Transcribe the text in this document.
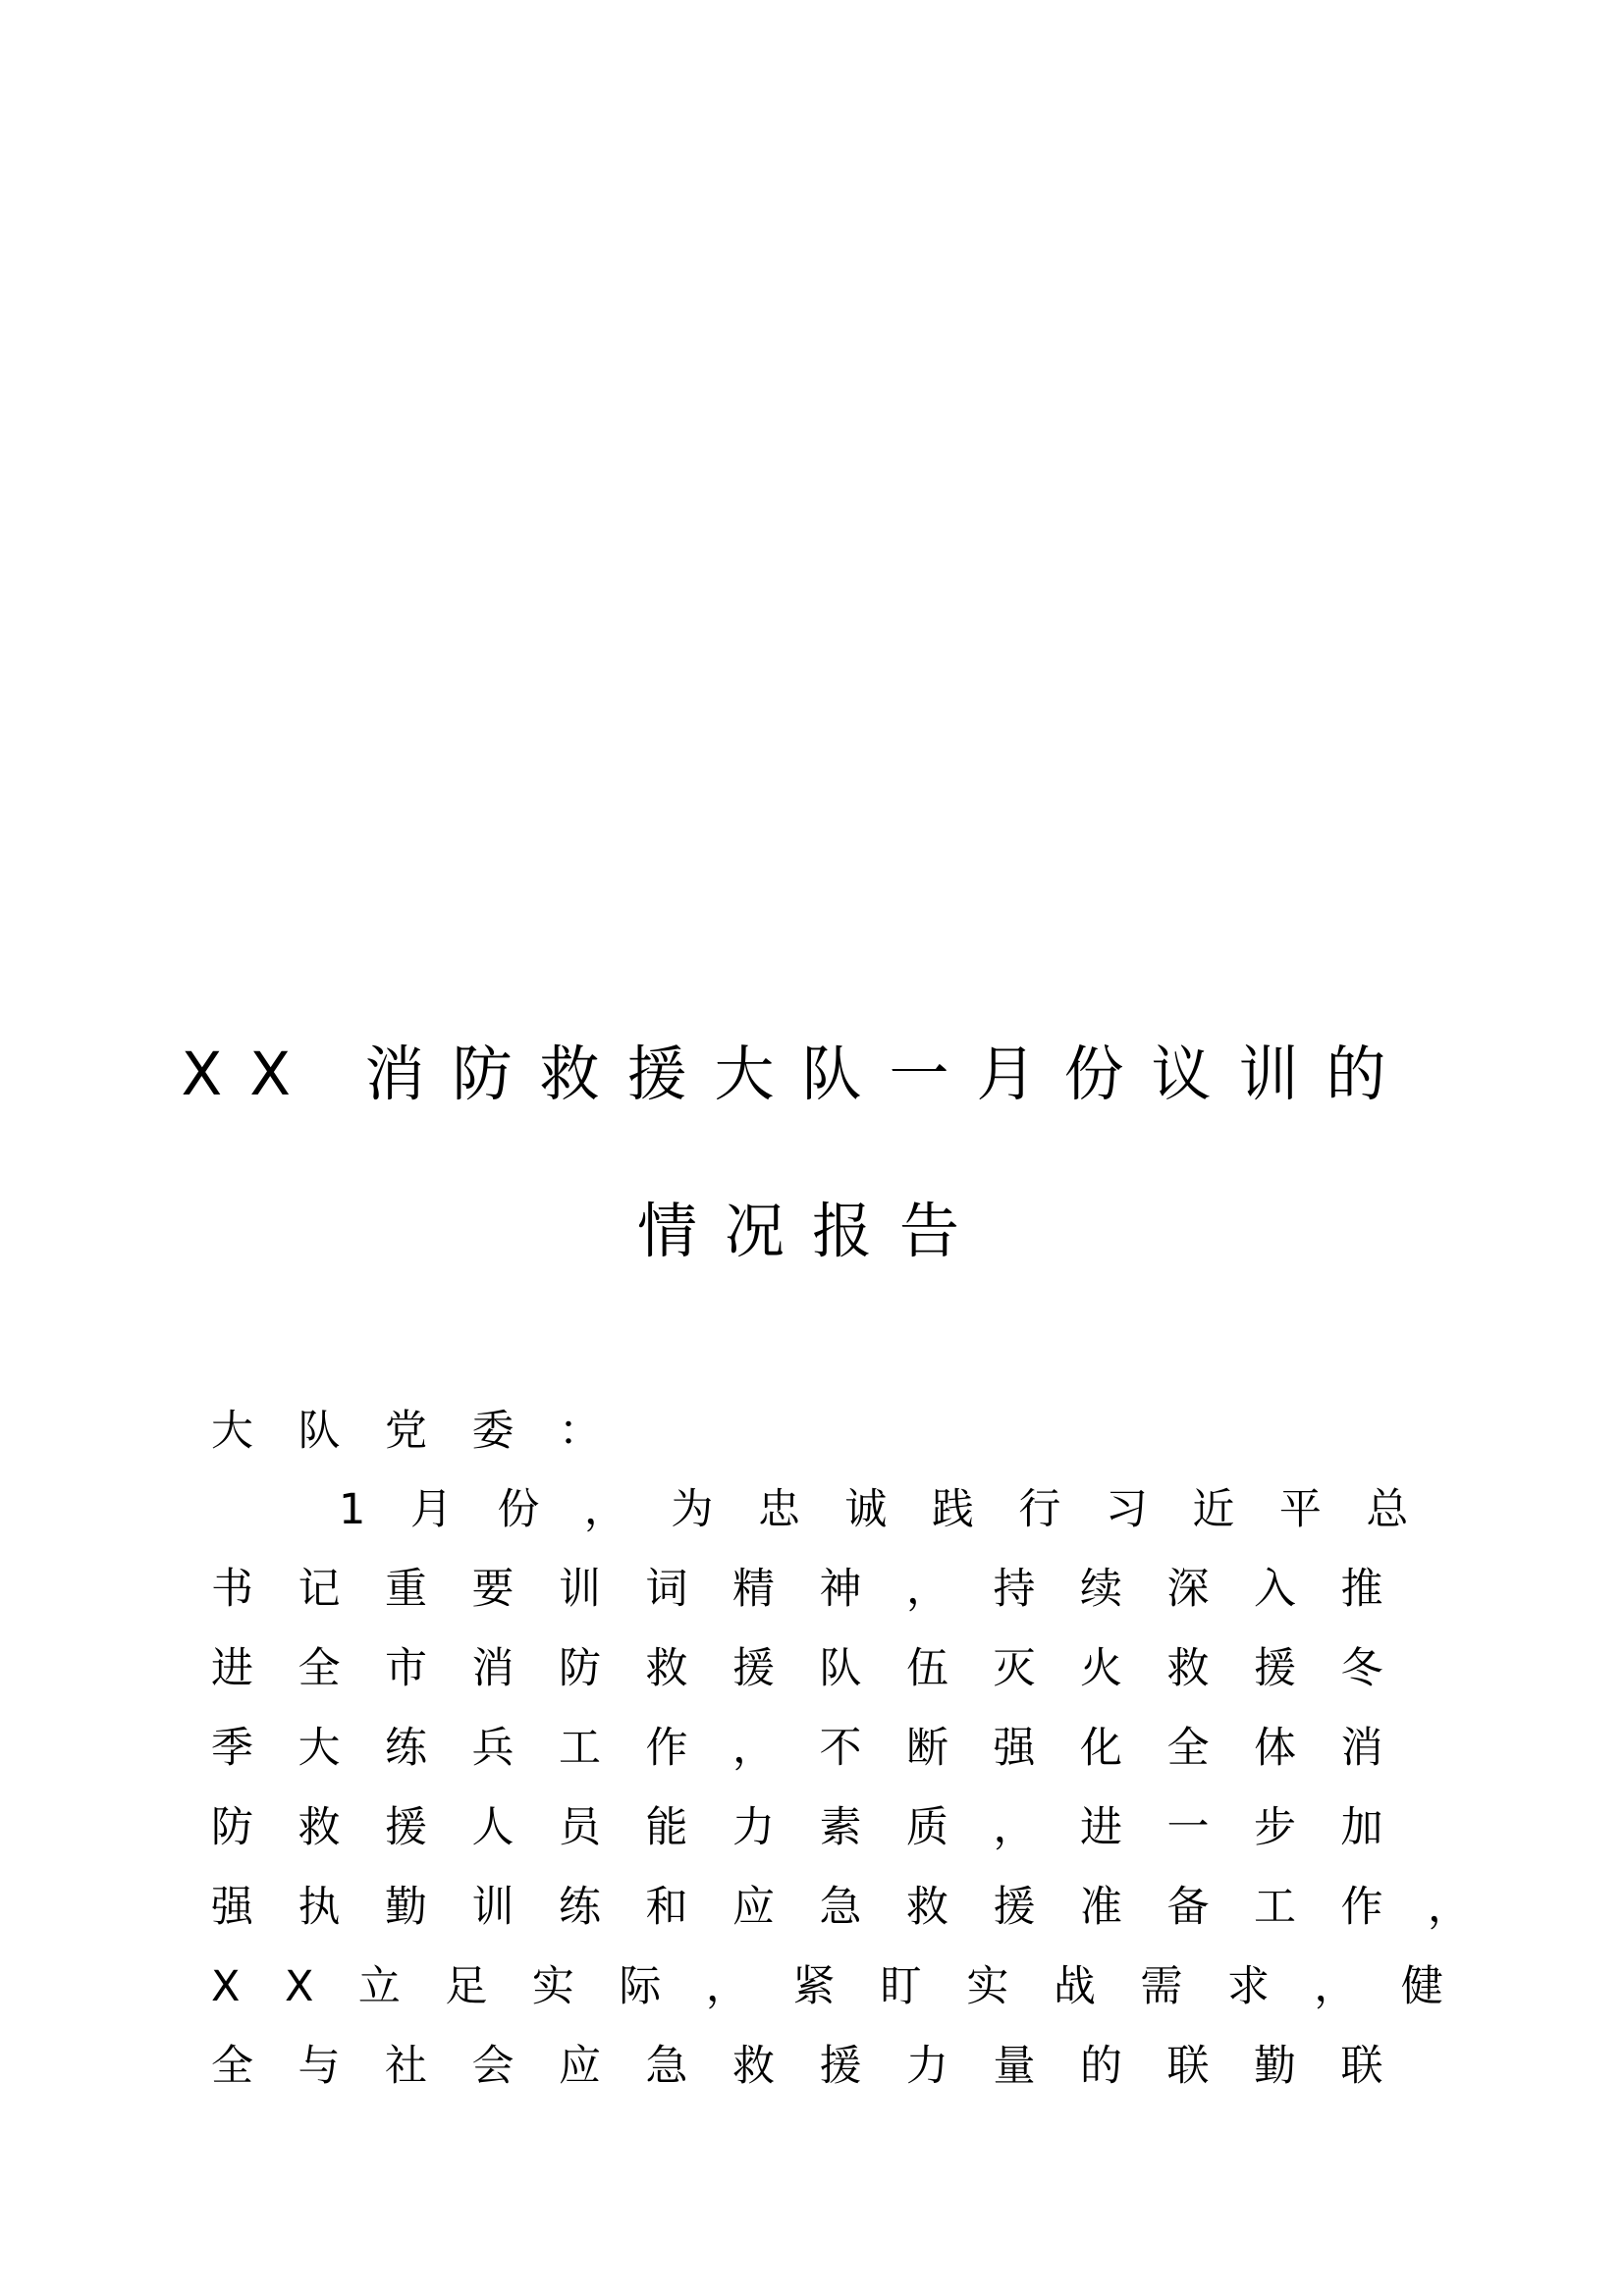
XX 消防救援大队一月份议训的
情况报告
大队党委：
1月份，为忠诚践行习近平总
书记重要训词精神，持续深入推
进全市消防救援队伍灭火救援冬
季大练兵工作，不断强化全体消
防救援人员能力素质，进一步加
强执勤训练和应急救援准备工作，
XX立足实际，紧盯实战需求，健
全与社会应急救援力量的联勤联
